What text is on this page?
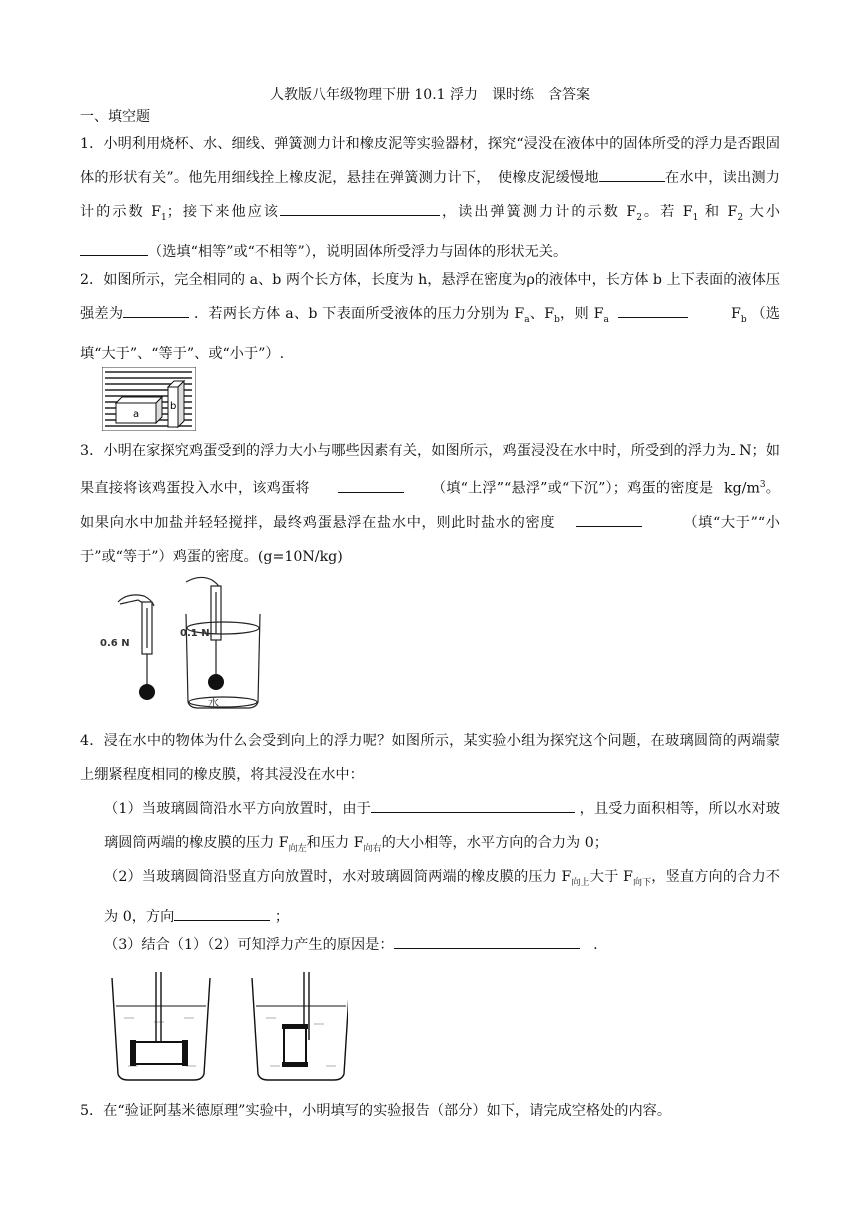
人教版八年级物理下册 10.1 浮力　课时练　含答案
一、填空题
1．小明利用烧杯、水、细线、弹簧测力计和橡皮泥等实验器材，探究“浸没在液体中的固体所受的浮力是否跟固体的形状有关”。他先用细线拴上橡皮泥，悬挂在弹簧测力计下，　使橡皮泥缓慢地	在水中，读出测力计的示数 $F_1$；接下来他应该	，读出弹簧测力计的示数 $F_2$。若 $F_1$ 和 $F_2$ 大小（选填“相等”或“不相等”），说明固体所受浮力与固体的形状无关。
2．如图所示，完全相同的 a、b 两个长方体，长度为 h，悬浮在密度为ρ的液体中，长方体 b 上下表面的液体压强差为	．若两长方体 a、b 下表面所受液体的压力分别为 $F_a$、$F_b$，则 $F_a$	$F_b$ （选填“大于”、“等于”、或“小于”）.
a
b
3．小明在家探究鸡蛋受到的浮力大小与哪些因素有关，如图所示，鸡蛋浸没在水中时，所受到的浮力为 N；如果直接将该鸡蛋投入水中，该鸡蛋将	（填“上浮”“悬浮”或“下沉”）；鸡蛋的密度是 $kg/m^3$。如果向水中加盐并轻轻搅拌，最终鸡蛋悬浮在盐水中，则此时盐水的密度	（填“大于”“小于”或“等于”）鸡蛋的密度。(g=10N/kg)
0.6 N
0.1 N
水
4．浸在水中的物体为什么会受到向上的浮力呢？如图所示，某实验小组为探究这个问题，在玻璃圆筒的两端蒙上绷紧程度相同的橡皮膜，将其浸没在水中：
（1）当玻璃圆筒沿水平方向放置时，由于	，且受力面积相等，所以水对玻璃圆筒两端的橡皮膜的压力 $F_{向左}$和压力 $F_{向右}$的大小相等，水平方向的合力为 0；
（2）当玻璃圆筒沿竖直方向放置时，水对玻璃圆筒两端的橡皮膜的压力 $F_{向上}$大于 $F_{向下}$，竖直方向的合力不为 0，方向	；
（3）结合（1）（2）可知浮力产生的原因是：	.
5．在“验证阿基米德原理”实验中，小明填写的实验报告（部分）如下，请完成空格处的内容。
